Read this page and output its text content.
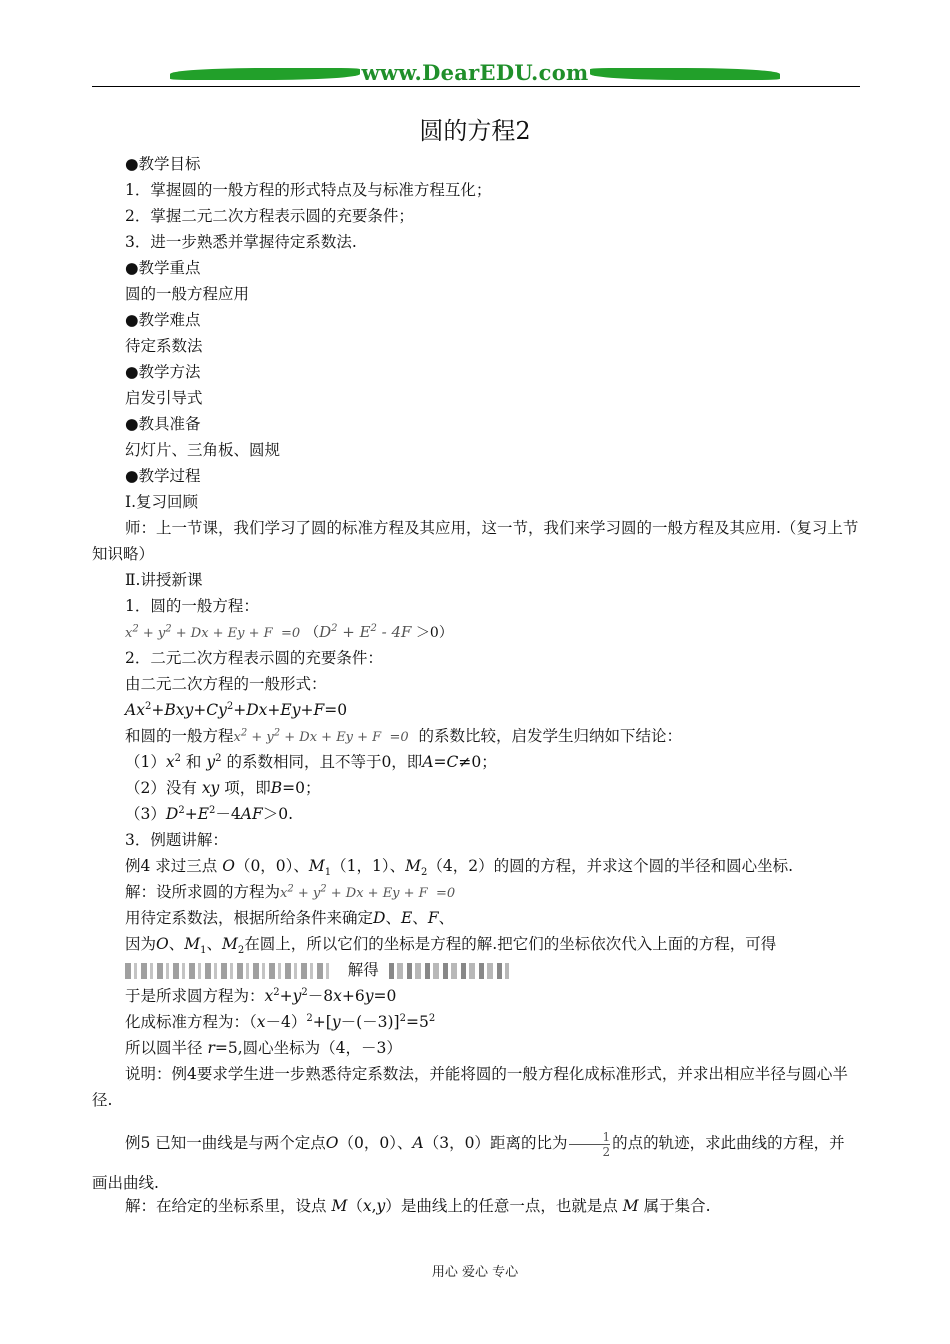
www.DearEDU.com
圆的方程2
●教学目标
1．掌握圆的一般方程的形式特点及与标准方程互化；
2．掌握二元二次方程表示圆的充要条件；
3．进一步熟悉并掌握待定系数法.
●教学重点
圆的一般方程应用
●教学难点
待定系数法
●教学方法
启发引导式
●教具准备
幻灯片、三角板、圆规
●教学过程
Ⅰ.复习回顾
师：上一节课，我们学习了圆的标准方程及其应用，这一节，我们来学习圆的一般方程及其应用.（复习上节知识略）
Ⅱ.讲授新课
1．圆的一般方程：
$x^2 + y^2 + Dx + Ey + F =0$ $(D^2 + E^2 - 4F >0)$
2．二元二次方程表示圆的充要条件：
由二元二次方程的一般形式：
$Ax^2+Bxy+Cy^2+Dx+Ey+F=0$
和圆的一般方程$x^2 + y^2 + Dx + Ey + F =0$ 的系数比较，启发学生归纳如下结论：
$(1)x^2$ 和 $y^2$ 的系数相同，且不等于0，即A=C≠0；
（2）没有 xy 项，即B=0；
$(3)D^2+E^2-4AF>0$.
3．例题讲解：
例4 求过三点 O（0，0）、$M_1(1$，1）、$M_2(4$，2）的圆的方程，并求这个圆的半径和圆心坐标.
解：设所求圆的方程为$x^2 + y^2 + Dx + Ey + F =0$
用待定系数法，根据所给条件来确定D、E、F、
因为O、$M_1$、$M_2$在圆上，所以它们的坐标是方程的解.把它们的坐标依次代入上面的方程，可得
解得
于是所求圆方程为：$x^2+y^2-8x+6y=0$
化成标准方程为：$(x-4)^2+[y-(-3)]^2=5^2$
所以圆半径 r=5,圆心坐标为（4，－3）
说明：例4要求学生进一步熟悉待定系数法，并能将圆的一般方程化成标准形式，并求出相应半径与圆心半径.
例5 已知一曲线是与两个定点O（0，0）、A（3，0）距离的比为 $\frac{1}{2}$ 的点的轨迹，求此曲线的方程，并画出曲线.
解：在给定的坐标系里，设点 M（x,y）是曲线上的任意一点，也就是点 M 属于集合.
用心 爱心 专心
